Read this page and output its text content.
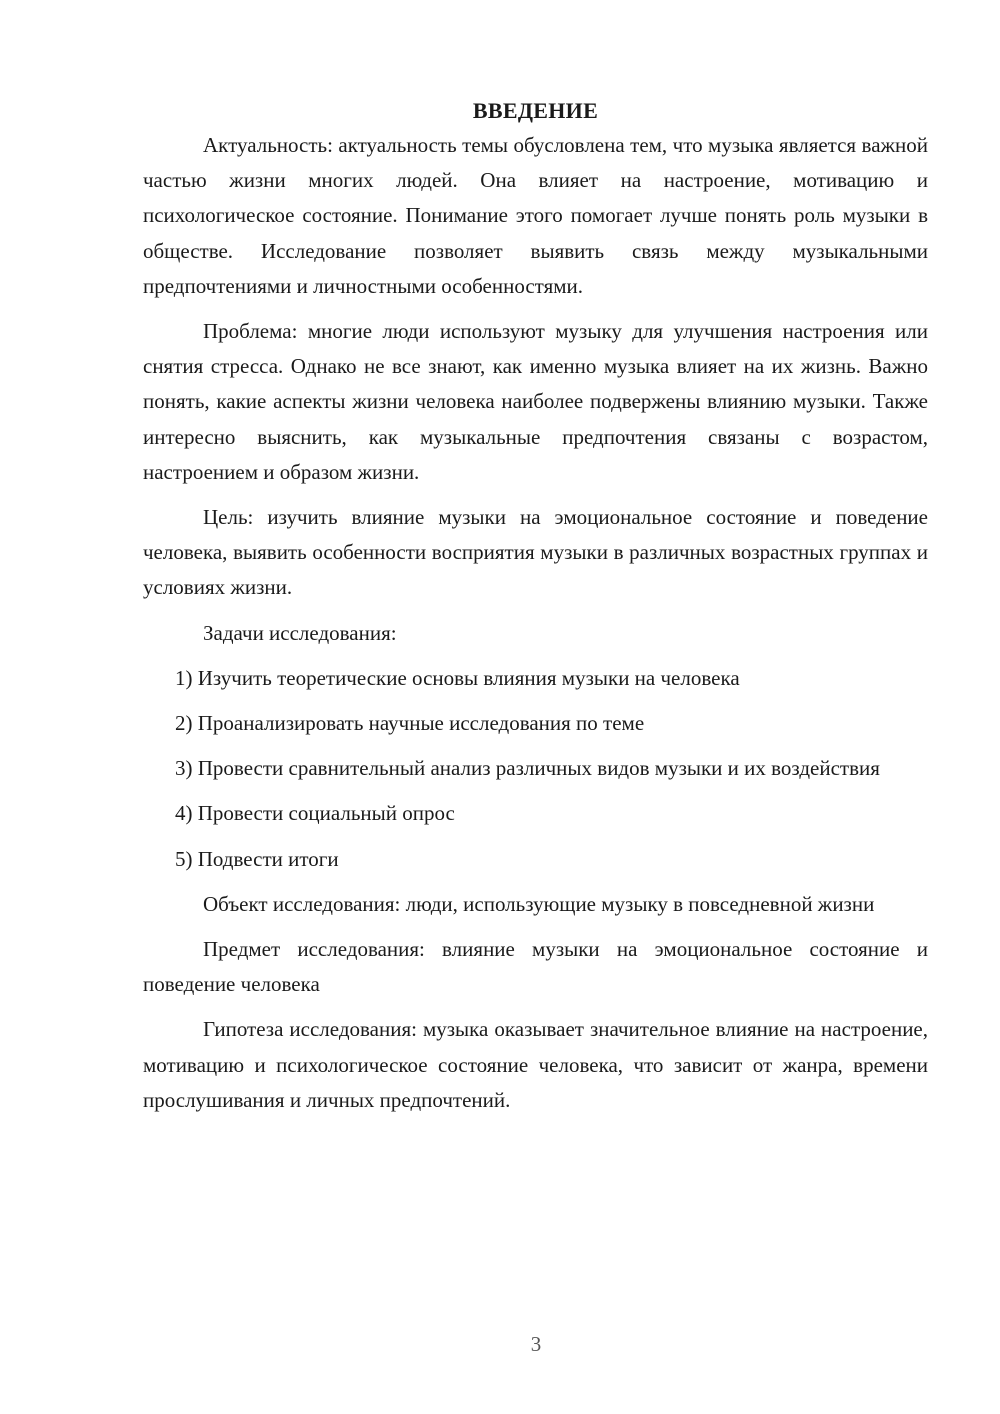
ВВЕДЕНИЕ

Актуальность: актуальность темы обусловлена тем, что музыка является важной частью жизни многих людей. Она влияет на настроение, мотивацию и психологическое состояние. Понимание этого помогает лучше понять роль музыки в обществе. Исследование позволяет выявить связь между музыкальными предпочтениями и личностными особенностями.

Проблема: многие люди используют музыку для улучшения настроения или снятия стресса. Однако не все знают, как именно музыка влияет на их жизнь. Важно понять, какие аспекты жизни человека наиболее подвержены влиянию музыки. Также интересно выяснить, как музыкальные предпочтения связаны с возрастом, настроением и образом жизни.

Цель: изучить влияние музыки на эмоциональное состояние и поведение человека, выявить особенности восприятия музыки в различных возрастных группах и условиях жизни.

Задачи исследования:

1) Изучить теоретические основы влияния музыки на человека

2) Проанализировать научные исследования по теме

3) Провести сравнительный анализ различных видов музыки и их воздействия

4) Провести социальный опрос

5) Подвести итоги

Объект исследования: люди, использующие музыку в повседневной жизни

Предмет исследования: влияние музыки на эмоциональное состояние и поведение человека

Гипотеза исследования: музыка оказывает значительное влияние на настроение, мотивацию и психологическое состояние человека, что зависит от жанра, времени прослушивания и личных предпочтений.

3
